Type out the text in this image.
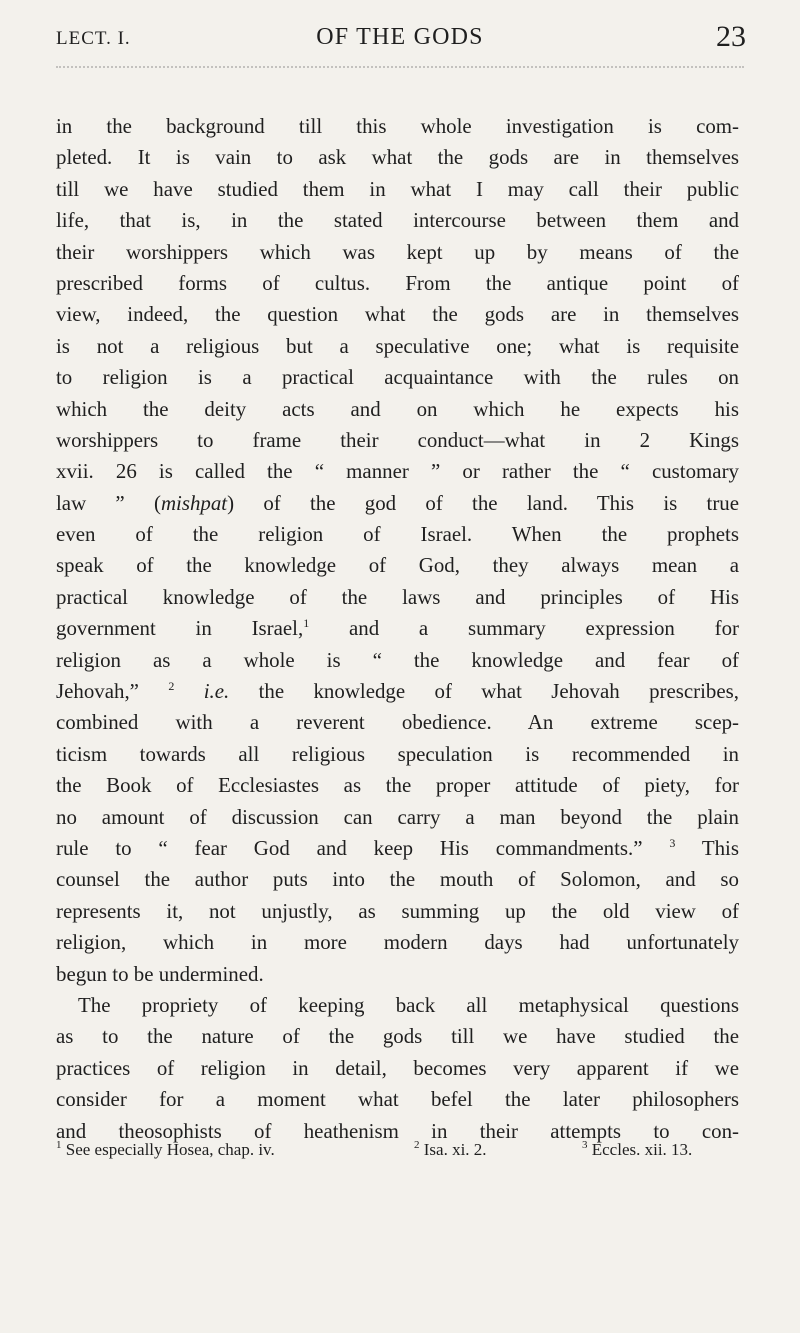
LECT. I.	OF THE GODS	23
in the background till this whole investigation is com-
pleted. It is vain to ask what the gods are in themselves
till we have studied them in what I may call their public
life, that is, in the stated intercourse between them and
their worshippers which was kept up by means of the
prescribed forms of cultus. From the antique point of
view, indeed, the question what the gods are in themselves
is not a religious but a speculative one; what is requisite
to religion is a practical acquaintance with the rules on
which the deity acts and on which he expects his
worshippers to frame their conduct—what in 2 Kings
xvii. 26 is called the “ manner ” or rather the “ customary
law ” (mishpat) of the god of the land. This is true
even of the religion of Israel. When the prophets
speak of the knowledge of God, they always mean a
practical knowledge of the laws and principles of His
government in Israel,$^1$ and a summary expression for
religion as a whole is “ the knowledge and fear of
Jehovah,” $^2$ i.e. the knowledge of what Jehovah prescribes,
combined with a reverent obedience. An extreme scep-
ticism towards all religious speculation is recommended in
the Book of Ecclesiastes as the proper attitude of piety, for
no amount of discussion can carry a man beyond the plain
rule to “ fear God and keep His commandments.” $^3$ This
counsel the author puts into the mouth of Solomon, and so
represents it, not unjustly, as summing up the old view of
religion, which in more modern days had unfortunately
begun to be undermined.
The propriety of keeping back all metaphysical questions
as to the nature of the gods till we have studied the
practices of religion in detail, becomes very apparent if we
consider for a moment what befel the later philosophers
and theosophists of heathenism in their attempts to con-
$^1$ See especially Hosea, chap. iv.	$^2$ Isa. xi. 2.	$^3$ Eccles. xii. 13.
